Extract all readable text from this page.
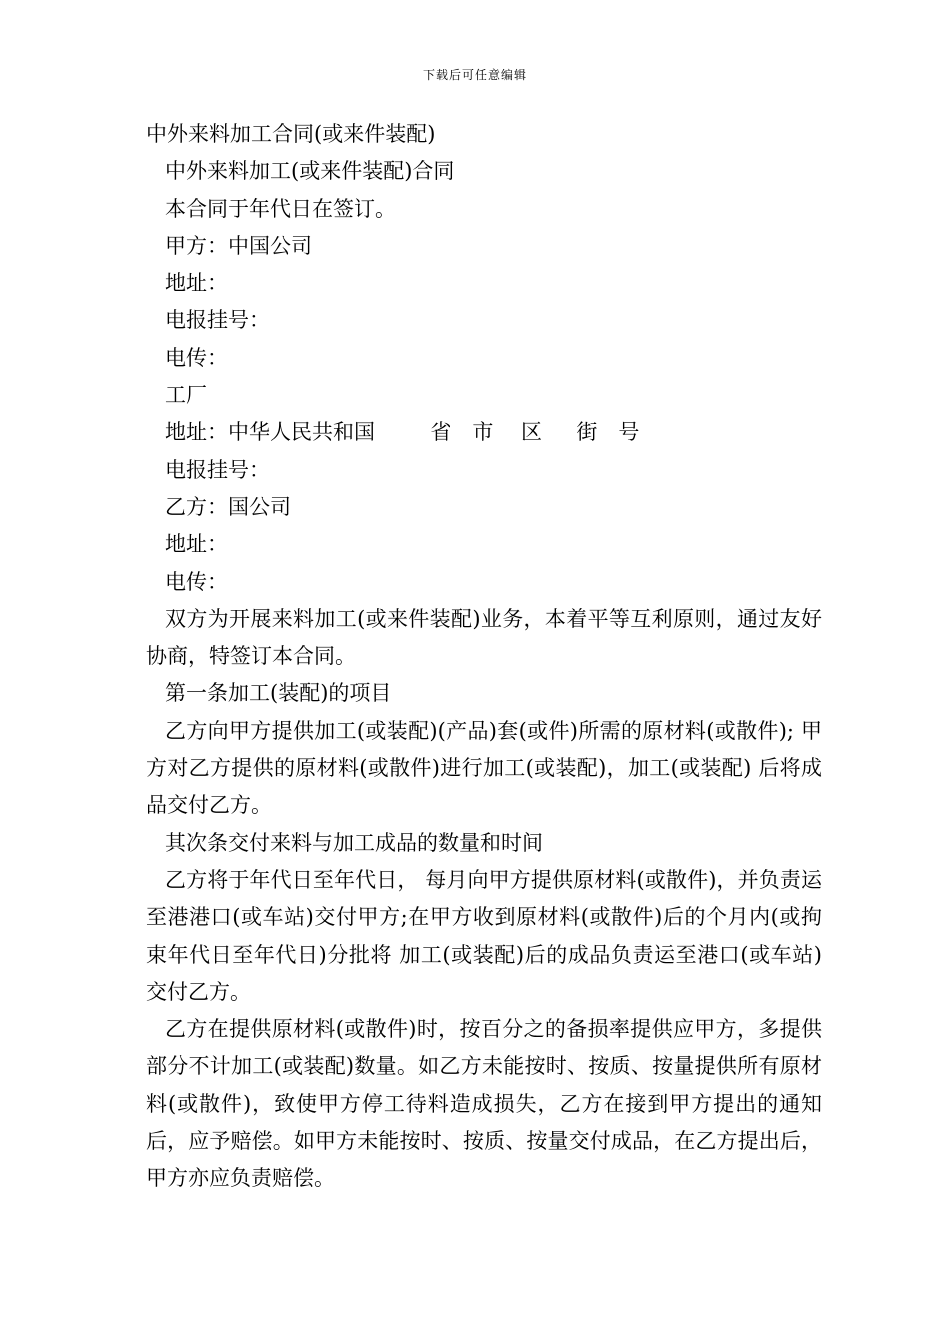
下载后可任意编辑
中外来料加工合同(或来件装配)
中外来料加工(或来件装配)合同
本合同于年代日在签订。
甲方：中国公司
地址：
电报挂号：
电传：
工厂
地址：中华人民共和国　　  省　市　 区　  街　号
电报挂号：
乙方：国公司
地址：
电传：
双方为开展来料加工(或来件装配)业务，本着平等互利原则，通过友好协商，特签订本合同。
第一条加工(装配)的项目
乙方向甲方提供加工(或装配)(产品)套(或件)所需的原材料(或散件); 甲方对乙方提供的原材料(或散件)进行加工(或装配)，加工(或装配) 后将成品交付乙方。
其次条交付来料与加工成品的数量和时间
乙方将于年代日至年代日， 每月向甲方提供原材料(或散件)，并负责运至港港口(或车站)交付甲方;在甲方收到原材料(或散件)后的个月内(或拘束年代日至年代日)分批将 加工(或装配)后的成品负责运至港口(或车站)交付乙方。
乙方在提供原材料(或散件)时，按百分之的备损率提供应甲方，多提供部分不计加工(或装配)数量。如乙方未能按时、按质、按量提供所有原材料(或散件)，致使甲方停工待料造成损失，乙方在接到甲方提出的通知后，应予赔偿。如甲方未能按时、按质、按量交付成品，在乙方提出后，甲方亦应负责赔偿。
